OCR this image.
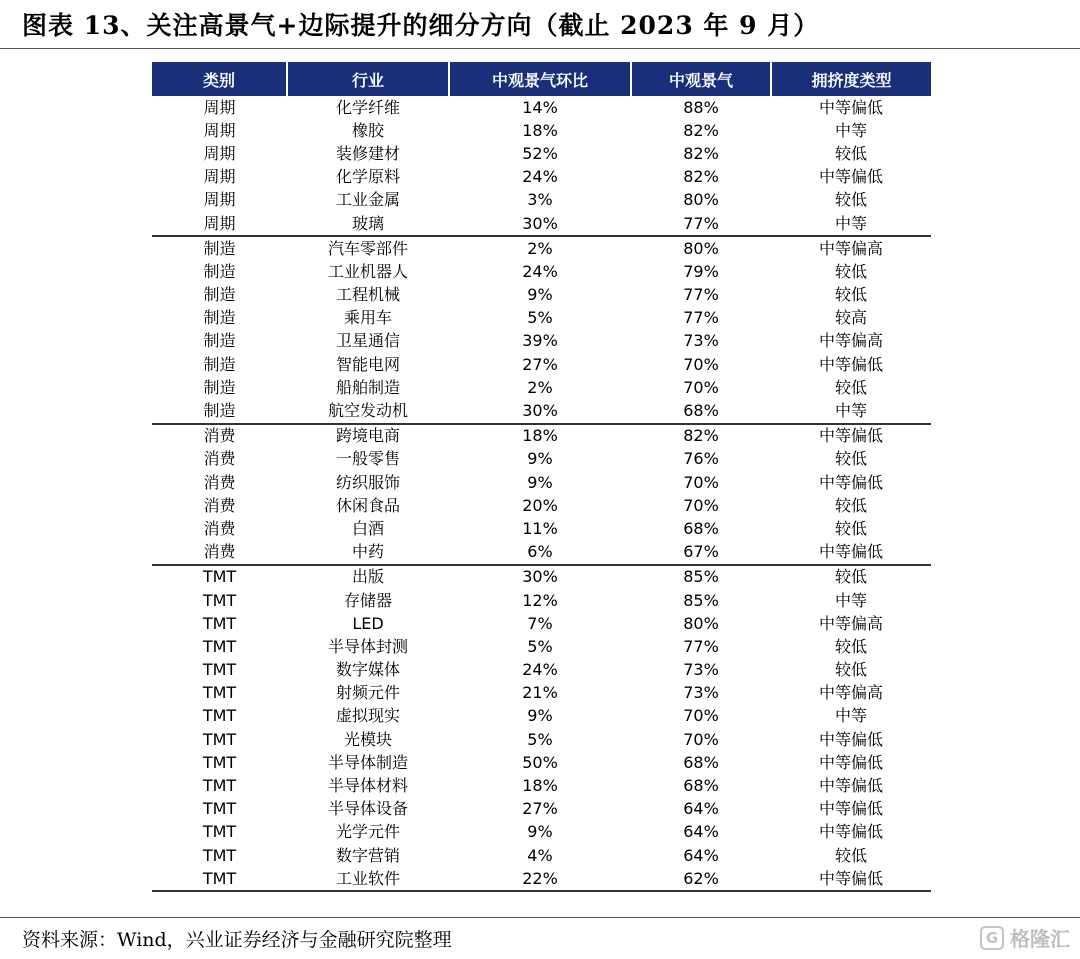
图表 13、关注高景气+边际提升的细分方向（截止 2023 年 9 月）
类别	行业	中观景气环比	中观景气	拥挤度类型
周期	化学纤维	14%	88%	中等偏低
周期	橡胶	18%	82%	中等
周期	装修建材	52%	82%	较低
周期	化学原料	24%	82%	中等偏低
周期	工业金属	3%	80%	较低
周期	玻璃	30%	77%	中等
制造	汽车零部件	2%	80%	中等偏高
制造	工业机器人	24%	79%	较低
制造	工程机械	9%	77%	较低
制造	乘用车	5%	77%	较高
制造	卫星通信	39%	73%	中等偏高
制造	智能电网	27%	70%	中等偏低
制造	船舶制造	2%	70%	较低
制造	航空发动机	30%	68%	中等
消费	跨境电商	18%	82%	中等偏低
消费	一般零售	9%	76%	较低
消费	纺织服饰	9%	70%	中等偏低
消费	休闲食品	20%	70%	较低
消费	白酒	11%	68%	较低
消费	中药	6%	67%	中等偏低
TMT	出版	30%	85%	较低
TMT	存储器	12%	85%	中等
TMT	LED	7%	80%	中等偏高
TMT	半导体封测	5%	77%	较低
TMT	数字媒体	24%	73%	较低
TMT	射频元件	21%	73%	中等偏高
TMT	虚拟现实	9%	70%	中等
TMT	光模块	5%	70%	中等偏低
TMT	半导体制造	50%	68%	中等偏低
TMT	半导体材料	18%	68%	中等偏低
TMT	半导体设备	27%	64%	中等偏低
TMT	光学元件	9%	64%	中等偏低
TMT	数字营销	4%	64%	较低
TMT	工业软件	22%	62%	中等偏低
资料来源：Wind，兴业证券经济与金融研究院整理	G 格隆汇
